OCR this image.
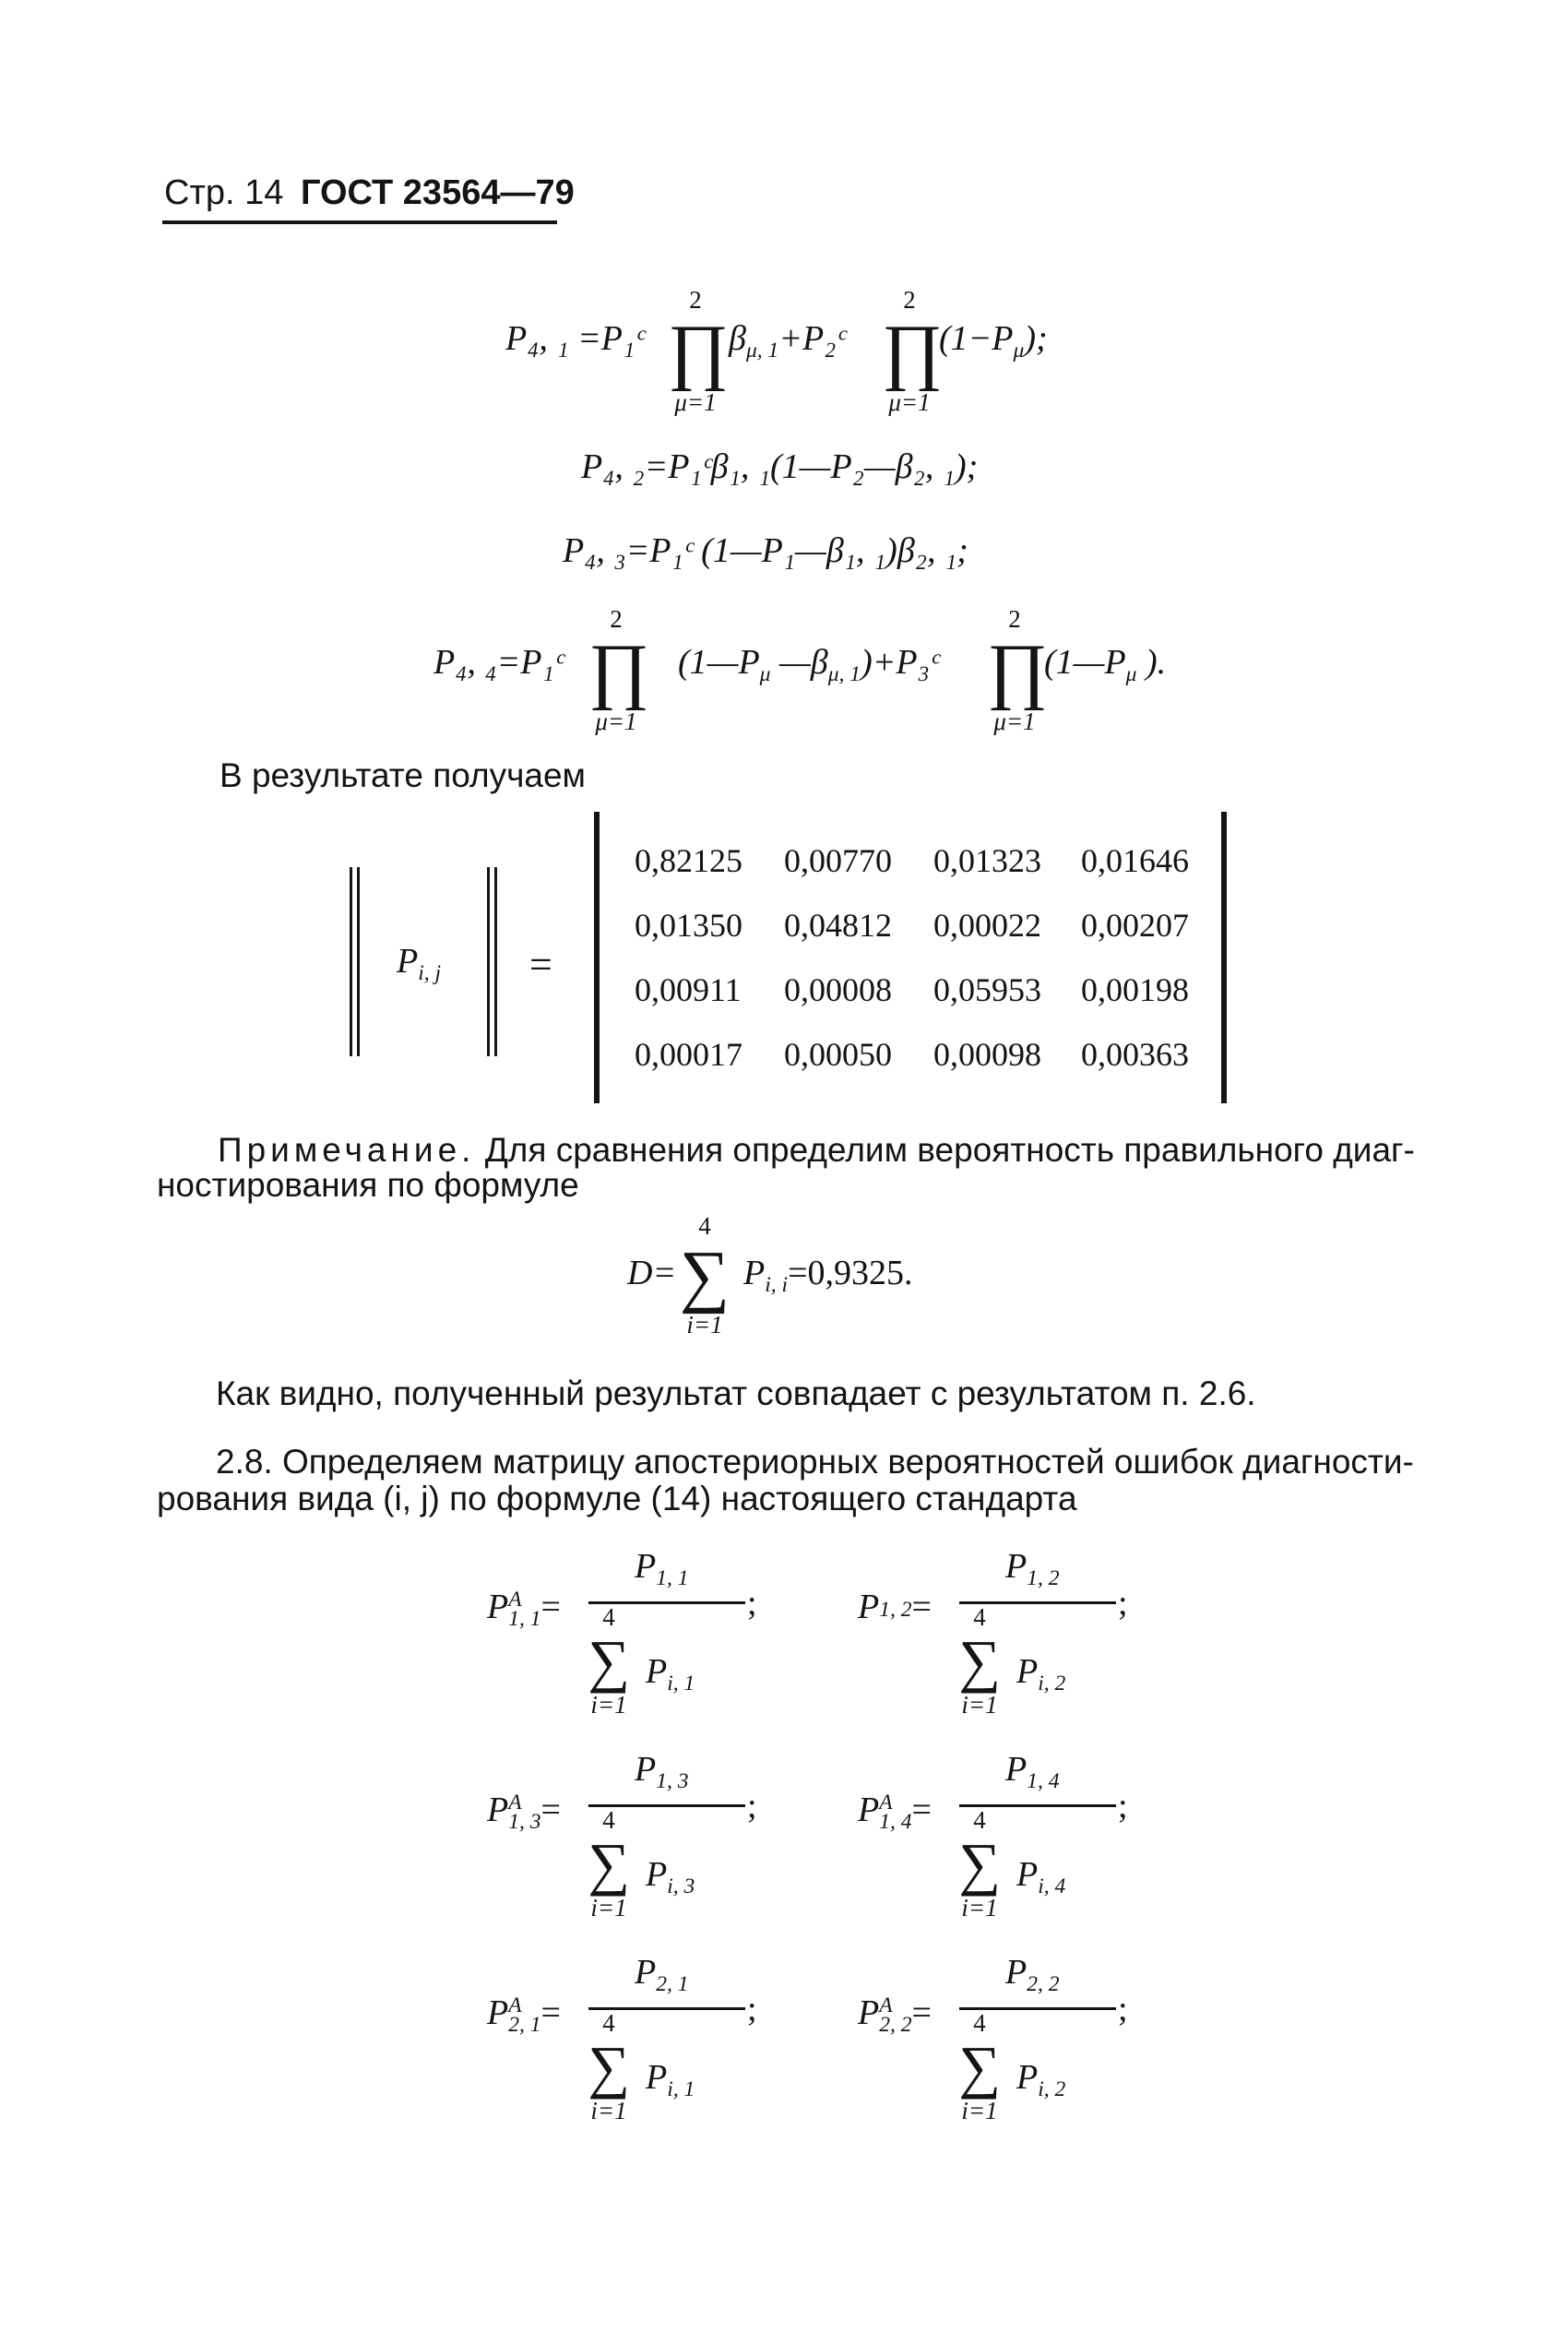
Стр. 14 ГОСТ 23564—79
P₄, ₁ =P₁ᶜ
2
∏
μ=1
$\beta_{\mu, 1}+P_2ᶜ$
2
∏
μ=1
$(1-P_\mu)$;
P₄, ₂=P₁ᶜβ₁, ₁(1—P₂—β₂, ₁);
P₄, ₃=P₁ᶜ (1—P₁—β₁, ₁)β₂, ₁;
P₄, ₄=P₁ᶜ
2
∏
μ=1
($1—P_\mu$ $—\beta_{\mu, 1})+P_3ᶜ$
2
∏
μ=1
($1—P_\mu$ ).
В результате получаем
$P_{i, j}$ =
0,82125 0,00770 0,01323 0,01646
0,01350 0,04812 0,00022 0,00207
0,00911 0,00008 0,05953 0,00198
0,00017 0,00050 0,00098 0,00363
Примечание. Для сравнения определим вероятность правильного диаг-
ностирования по формуле
D=
4
∑
i=1
$P_{i, i}=0,9325$.
Как видно, полученный результат совпадает с результатом п. 2.6.
2.8. Определяем матрицу апостериорных вероятностей ошибок диагности-
рования вида (i, j) по формуле (14) настоящего стандарта
P A
1, 1 =
$P_{1, 1}$
;
4
∑
i=1
$P_{i, 1}$
P 1, 2 =
$P_{1, 2}$
;
4
∑
i=1
$P_{i, 2}$
P A
1, 3 =
$P_{1, 3}$
;
4
∑
i=1
$P_{i, 3}$
P A
1, 4 =
$P_{1, 4}$
;
4
∑
i=1
$P_{i, 4}$
P A
2, 1 =
$P_{2, 1}$
;
4
∑
i=1
$P_{i, 1}$
P A
2, 2 =
$P_{2, 2}$
;
4
∑
i=1
$P_{i, 2}$
